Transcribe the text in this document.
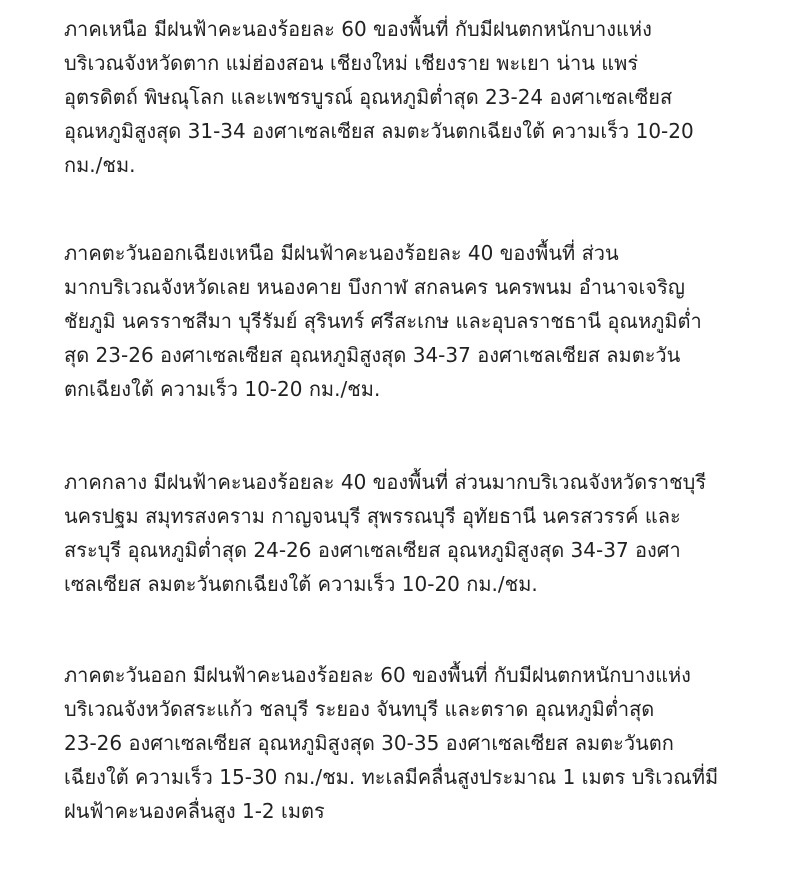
ภาคเหนือ มีฝนฟ้าคะนองร้อยละ 60 ของพื้นที่ กับมีฝนตกหนักบางแห่ง
บริเวณจังหวัดตาก แม่ฮ่องสอน เชียงใหม่ เชียงราย พะเยา น่าน แพร่
อุตรดิตถ์ พิษณุโลก และเพชรบูรณ์ อุณหภูมิต่ำสุด 23-24 องศาเซลเซียส
อุณหภูมิสูงสุด 31-34 องศาเซลเซียส ลมตะวันตกเฉียงใต้ ความเร็ว 10-20
กม./ชม.

ภาคตะวันออกเฉียงเหนือ มีฝนฟ้าคะนองร้อยละ 40 ของพื้นที่ ส่วน
มากบริเวณจังหวัดเลย หนองคาย บึงกาฬ สกลนคร นครพนม อำนาจเจริญ
ชัยภูมิ นครราชสีมา บุรีรัมย์ สุรินทร์ ศรีสะเกษ และอุบลราชธานี อุณหภูมิต่ำ
สุด 23-26 องศาเซลเซียส อุณหภูมิสูงสุด 34-37 องศาเซลเซียส ลมตะวัน
ตกเฉียงใต้ ความเร็ว 10-20 กม./ชม.

ภาคกลาง มีฝนฟ้าคะนองร้อยละ 40 ของพื้นที่ ส่วนมากบริเวณจังหวัดราชบุรี
นครปฐม สมุทรสงคราม กาญจนบุรี สุพรรณบุรี อุทัยธานี นครสวรรค์ และ
สระบุรี อุณหภูมิต่ำสุด 24-26 องศาเซลเซียส อุณหภูมิสูงสุด 34-37 องศา
เซลเซียส ลมตะวันตกเฉียงใต้ ความเร็ว 10-20 กม./ชม.

ภาคตะวันออก มีฝนฟ้าคะนองร้อยละ 60 ของพื้นที่ กับมีฝนตกหนักบางแห่ง
บริเวณจังหวัดสระแก้ว ชลบุรี ระยอง จันทบุรี และตราด อุณหภูมิต่ำสุด
23-26 องศาเซลเซียส อุณหภูมิสูงสุด 30-35 องศาเซลเซียส ลมตะวันตก
เฉียงใต้ ความเร็ว 15-30 กม./ชม. ทะเลมีคลื่นสูงประมาณ 1 เมตร บริเวณที่มี
ฝนฟ้าคะนองคลื่นสูง 1-2 เมตร
